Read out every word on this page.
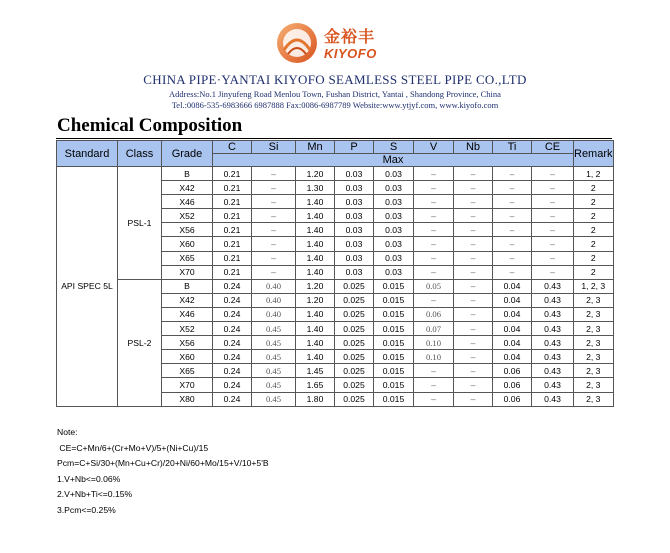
金裕丰
KIYOFO
CHINA PIPE·YANTAI KIYOFO SEAMLESS STEEL PIPE CO.,LTD
Address:No.1 Jinyufeng Road Menlou Town, Fushan District, Yantai , Shandong Province, China
Tel.:0086-535-6983666 6987888 Fax:0086-6987789 Website:www.ytjyf.com, www.kiyofo.com
Chemical Composition
Standard	Class	Grade	C	Si	Mn	P	S	V	Nb	Ti	CE	Remark
			Max									
API SPEC 5L	PSL-1	B	0.21	–	1.20	0.03	0.03	–	–	–	–	1, 2
		X42	0.21	–	1.30	0.03	0.03	–	–	–	–	2
		X46	0.21	–	1.40	0.03	0.03	–	–	–	–	2
		X52	0.21	–	1.40	0.03	0.03	–	–	–	–	2
		X56	0.21	–	1.40	0.03	0.03	–	–	–	–	2
		X60	0.21	–	1.40	0.03	0.03	–	–	–	–	2
		X65	0.21	–	1.40	0.03	0.03	–	–	–	–	2
		X70	0.21	–	1.40	0.03	0.03	–	–	–	–	2
	PSL-2	B	0.24	0.40	1.20	0.025	0.015	0.05	–	0.04	0.43	1, 2, 3
		X42	0.24	0.40	1.20	0.025	0.015	–	–	0.04	0.43	2, 3
		X46	0.24	0.40	1.40	0.025	0.015	0.06	–	0.04	0.43	2, 3
		X52	0.24	0.45	1.40	0.025	0.015	0.07	–	0.04	0.43	2, 3
		X56	0.24	0.45	1.40	0.025	0.015	0.10	–	0.04	0.43	2, 3
		X60	0.24	0.45	1.40	0.025	0.015	0.10	–	0.04	0.43	2, 3
		X65	0.24	0.45	1.45	0.025	0.015	–	–	0.06	0.43	2, 3
		X70	0.24	0.45	1.65	0.025	0.015	–	–	0.06	0.43	2, 3
		X80	0.24	0.45	1.80	0.025	0.015	–	–	0.06	0.43	2, 3
Note:
CE=C+Mn/6+(Cr+Mo+V)/5+(Ni+Cu)/15
Pcm=C+Si/30+(Mn+Cu+Cr)/20+Ni/60+Mo/15+V/10+5'B
1.V+Nb<=0.06%
2.V+Nb+Ti<=0.15%
3.Pcm<=0.25%
